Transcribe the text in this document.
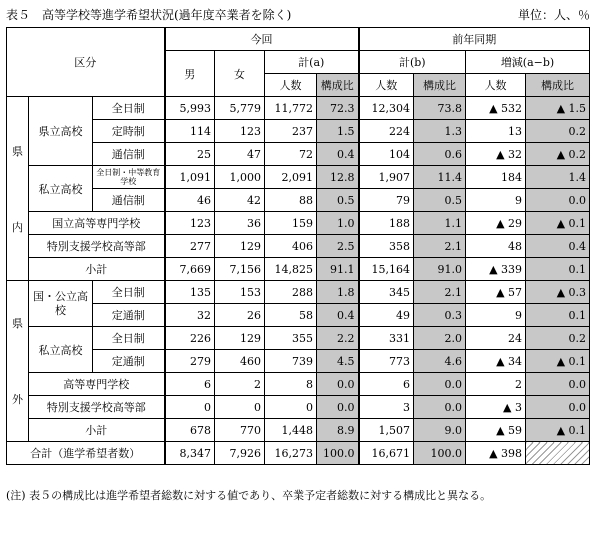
表５　高等学校等進学希望状況(過年度卒業者を除く)	単位：人、％
区分			今回				前年同期			
			男	女	計(a)		計(b)		増減(a−b)	
					人数	構成比	人数	構成比	人数	構成比

県
内	県立高校	全日制	5,993	5,779	11,772	72.3	12,304	73.8	▲ 532	▲ 1.5
		定時制	114	123	237	1.5	224	1.3	13	0.2
		通信制	25	47	72	0.4	104	0.6	▲ 32	▲ 0.2
	私立高校	全日制・中等教育学校	1,091	1,000	2,091	12.8	1,907	11.4	184	1.4
		通信制	46	42	88	0.5	79	0.5	9	0.0
	国立高等専門学校		123	36	159	1.0	188	1.1	▲ 29	▲ 0.1
	特別支援学校高等部		277	129	406	2.5	358	2.1	48	0.4
	小計		7,669	7,156	14,825	91.1	15,164	91.0	▲ 339	0.1

県
外	国・公立高校	全日制	135	153	288	1.8	345	2.1	▲ 57	▲ 0.3
		定通制	32	26	58	0.4	49	0.3	9	0.1
	私立高校	全日制	226	129	355	2.2	331	2.0	24	0.2
		定通制	279	460	739	4.5	773	4.6	▲ 34	▲ 0.1
	高等専門学校		6	2	8	0.0	6	0.0	2	0.0
	特別支援学校高等部		0	0	0	0.0	3	0.0	▲ 3	0.0
	小計		678	770	1,448	8.9	1,507	9.0	▲ 59	▲ 0.1
合計（進学希望者数）			8,347	7,926	16,273	100.0	16,671	100.0	▲ 398	
(注) 表５の構成比は進学希望者総数に対する値であり、卒業予定者総数に対する構成比と異なる。
